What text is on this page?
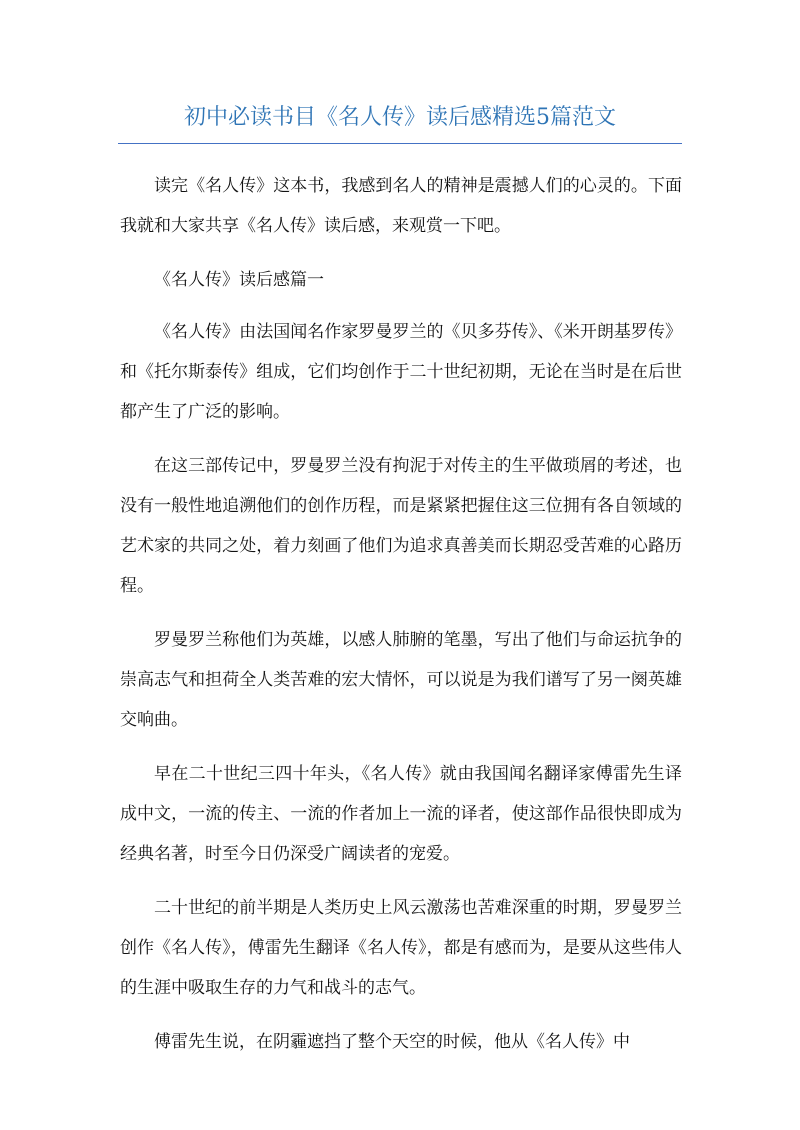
初中必读书目《名人传》读后感精选5篇范文

读完《名人传》这本书，我感到名人的精神是震撼人们的心灵的。下面我就和大家共享《名人传》读后感，来观赏一下吧。

《名人传》读后感篇一

《名人传》由法国闻名作家罗曼罗兰的《贝多芬传》、《米开朗基罗传》和《托尔斯泰传》组成，它们均创作于二十世纪初期，无论在当时是在后世都产生了广泛的影响。

在这三部传记中，罗曼罗兰没有拘泥于对传主的生平做琐屑的考述，也没有一般性地追溯他们的创作历程，而是紧紧把握住这三位拥有各自领域的艺术家的共同之处，着力刻画了他们为追求真善美而长期忍受苦难的心路历程。

罗曼罗兰称他们为英雄，以感人肺腑的笔墨，写出了他们与命运抗争的崇高志气和担荷全人类苦难的宏大情怀，可以说是为我们谱写了另一阕英雄交响曲。

早在二十世纪三四十年头，《名人传》就由我国闻名翻译家傅雷先生译成中文，一流的传主、一流的作者加上一流的译者，使这部作品很快即成为经典名著，时至今日仍深受广阔读者的宠爱。

二十世纪的前半期是人类历史上风云激荡也苦难深重的时期，罗曼罗兰创作《名人传》，傅雷先生翻译《名人传》，都是有感而为，是要从这些伟人的生涯中吸取生存的力气和战斗的志气。

傅雷先生说，在阴霾遮挡了整个天空的时候，他从《名人传》中
